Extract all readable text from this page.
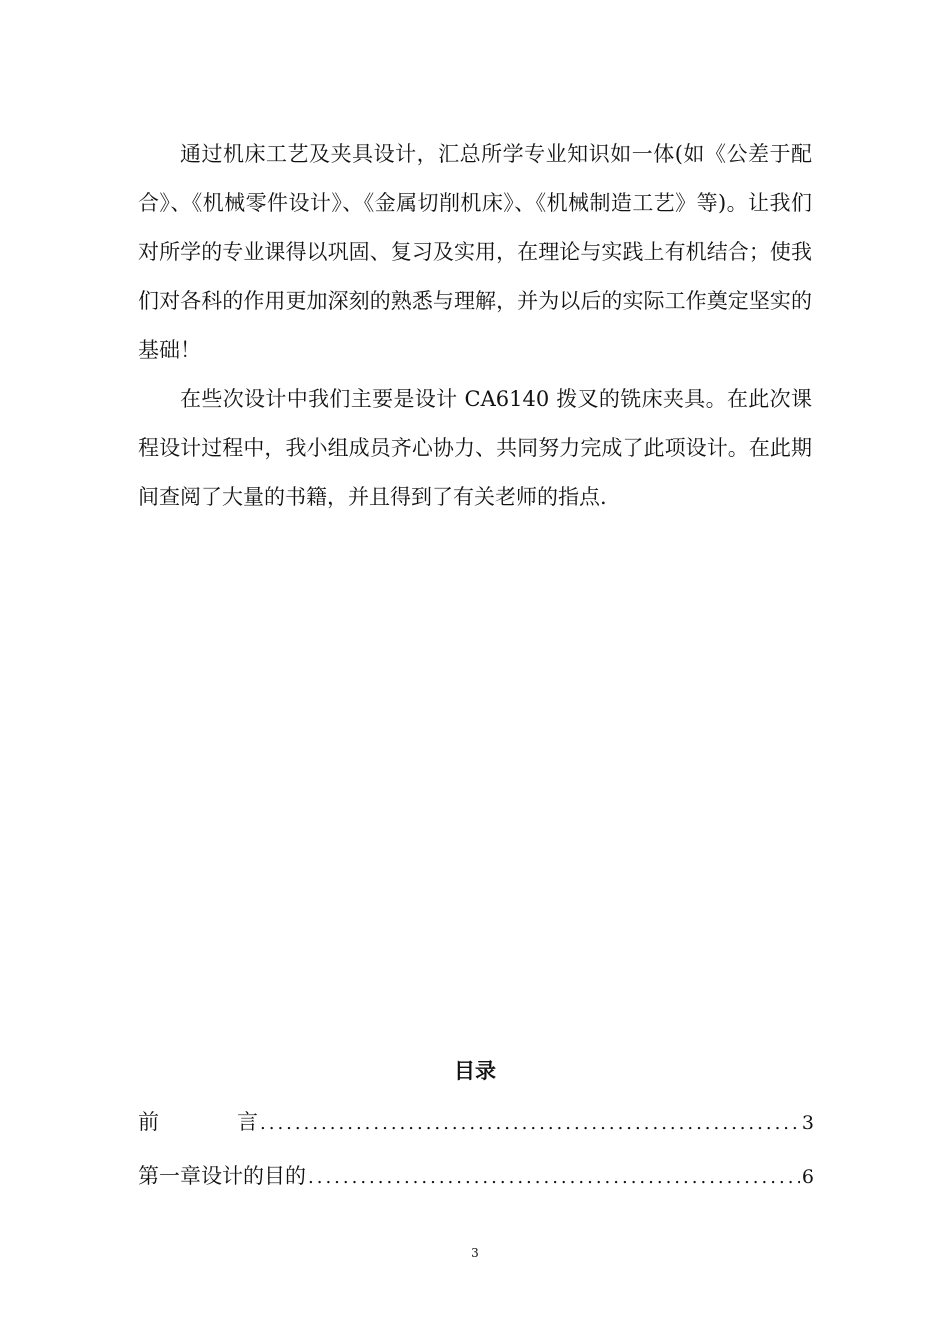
通过机床工艺及夹具设计，汇总所学专业知识如一体(如《公差于配合》、《机械零件设计》、《金属切削机床》、《机械制造工艺》等)。让我们对所学的专业课得以巩固、复习及实用，在理论与实践上有机结合；使我们对各科的作用更加深刻的熟悉与理解，并为以后的实际工作奠定坚实的基础！

在些次设计中我们主要是设计 CA6140 拨叉的铣床夹具。在此次课程设计过程中，我小组成员齐心协力、共同努力完成了此项设计。在此期间查阅了大量的书籍，并且得到了有关老师的指点.

目录
前	言 .....	3
第一章设计的目的 .....	6
3
